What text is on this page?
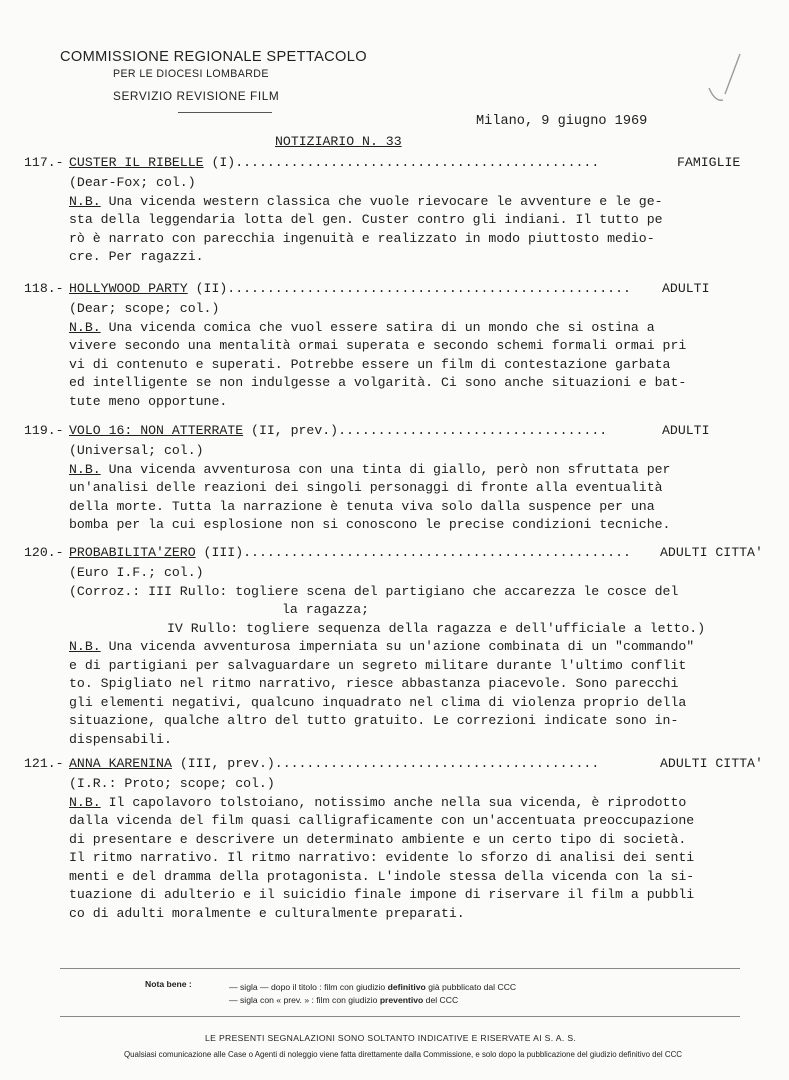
COMMISSIONE REGIONALE SPETTACOLO
PER LE DIOCESI LOMBARDE
SERVIZIO REVISIONE FILM
Milano, 9 giugno 1969
NOTIZIARIO N. 33
117.- CUSTER IL RIBELLE (I)..............................................	FAMIGLIE
(Dear-Fox; col.)
N.B. Una vicenda western classica che vuole rievocare le avventure e le ge-
sta della leggendaria lotta del gen. Custer contro gli indiani. Il tutto pe
rò è narrato con parecchia ingenuità e realizzato in modo piuttosto medio-
cre. Per ragazzi.
118.- HOLLYWOOD PARTY (II)................................................... ADULTI
(Dear; scope; col.)
N.B. Una vicenda comica che vuol essere satira di un mondo che si ostina a
vivere secondo una mentalità ormai superata e secondo schemi formali ormai pri
vi di contenuto e superati. Potrebbe essere un film di contestazione garbata
ed intelligente se non indulgesse a volgarità. Ci sono anche situazioni e bat-
tute meno opportune.
119.- VOLO 16: NON ATTERRATE (II, prev.)..................................	ADULTI
(Universal; col.)
N.B. Una vicenda avventurosa con una tinta di giallo, però non sfruttata per
un'analisi delle reazioni dei singoli personaggi di fronte alla eventualità
della morte. Tutta la narrazione è tenuta viva solo dalla suspence per una
bomba per la cui esplosione non si conoscono le precise condizioni tecniche.
120.- PROBABILITA'ZERO (III)................................................. ADULTI CITTA'
(Euro I.F.; col.)
(Corroz.: III Rullo: togliere scena del partigiano che accarezza le cosce del
la ragazza;
IV Rullo: togliere sequenza della ragazza e dell'ufficiale a letto.)
N.B. Una vicenda avventurosa imperniata su un'azione combinata di un "commando"
e di partigiani per salvaguardare un segreto militare durante l'ultimo conflit
to. Spigliato nel ritmo narrativo, riesce abbastanza piacevole. Sono parecchi
gli elementi negativi, qualcuno inquadrato nel clima di violenza proprio della
situazione, qualche altro del tutto gratuito. Le correzioni indicate sono in-
dispensabili.
121.- ANNA KARENINA (III, prev.).........................................	ADULTI CITTA'
(I.R.: Proto; scope; col.)
N.B. Il capolavoro tolstoiano, notissimo anche nella sua vicenda, è riprodotto
dalla vicenda del film quasi calligraficamente con un'accentuata preoccupazione
di presentare e descrivere un determinato ambiente e un certo tipo di società.
Il ritmo narrativo. Il ritmo narrativo: evidente lo sforzo di analisi dei senti
menti e del dramma della protagonista. L'indole stessa della vicenda con la si-
tuazione di adulterio e il suicidio finale impone di riservare il film a pubbli
co di adulti moralmente e culturalmente preparati.
Nota bene :	— sigla — dopo il titolo : film con giudizio definitivo già pubblicato dal CCC
— sigla con « prev. » : film con giudizio preventivo del CCC
LE PRESENTI SEGNALAZIONI SONO SOLTANTO INDICATIVE E RISERVATE AI S. A. S.
Qualsiasi comunicazione alle Case o Agenti di noleggio viene fatta direttamente dalla Commissione, e solo dopo la pubblicazione del giudizio definitivo del CCC
